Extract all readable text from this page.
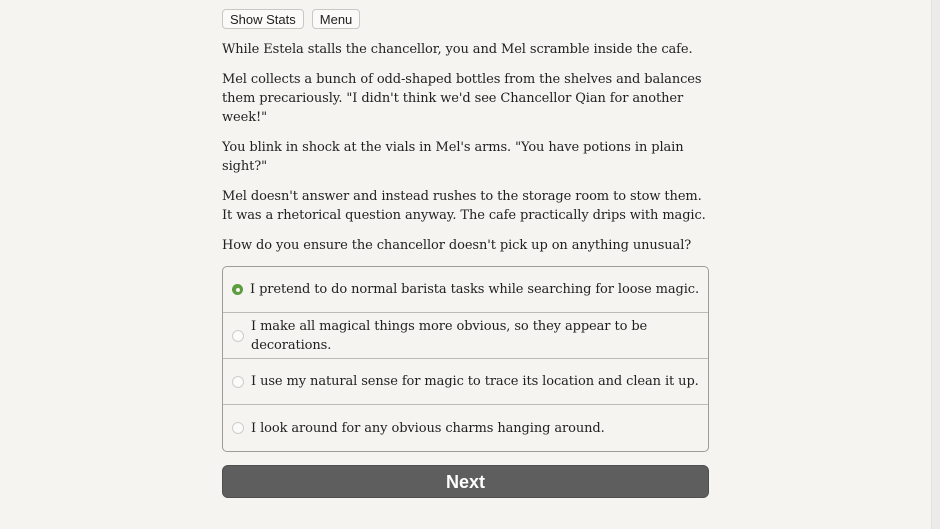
Show Stats	Menu

While Estela stalls the chancellor, you and Mel scramble inside the cafe.

Mel collects a bunch of odd-shaped bottles from the shelves and balances them precariously. "I didn't think we'd see Chancellor Qian for another week!"

You blink in shock at the vials in Mel's arms. "You have potions in plain sight?"

Mel doesn't answer and instead rushes to the storage room to stow them. It was a rhetorical question anyway. The cafe practically drips with magic.

How do you ensure the chancellor doesn't pick up on anything unusual?

I pretend to do normal barista tasks while searching for loose magic.
I make all magical things more obvious, so they appear to be decorations.
I use my natural sense for magic to trace its location and clean it up.
I look around for any obvious charms hanging around.
Next
